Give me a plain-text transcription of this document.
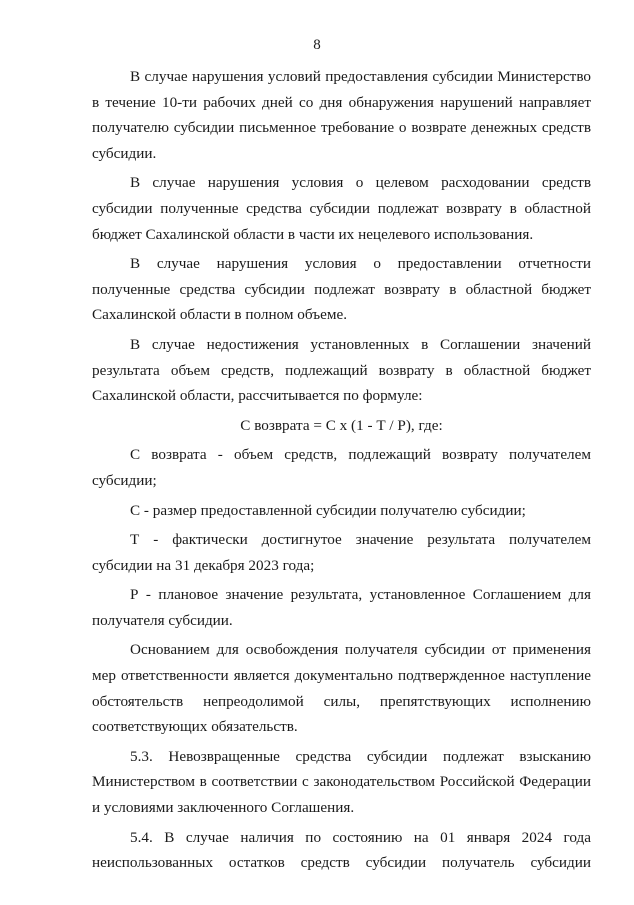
8

В случае нарушения условий предоставления субсидии Министерство в течение 10-ти рабочих дней со дня обнаружения нарушений направляет получателю субсидии письменное требование о возврате денежных средств субсидии.

В случае нарушения условия о целевом расходовании средств субсидии полученные средства субсидии подлежат возврату в областной бюджет Сахалинской области в части их нецелевого использования.

В случае нарушения условия о предоставлении отчетности полученные средства субсидии подлежат возврату в областной бюджет Сахалинской области в полном объеме.

В случае недостижения установленных в Соглашении значений результата объем средств, подлежащий возврату в областной бюджет Сахалинской области, рассчитывается по формуле:

С возврата = С х (1 - Т / Р), где:

С возврата - объем средств, подлежащий возврату получателем субсидии;

С - размер предоставленной субсидии получателю субсидии;

Т - фактически достигнутое значение результата получателем субсидии на 31 декабря 2023 года;

Р - плановое значение результата, установленное Соглашением для получателя субсидии.

Основанием для освобождения получателя субсидии от применения мер ответственности является документально подтвержденное наступление обстоятельств непреодолимой силы, препятствующих исполнению соответствующих обязательств.

5.3. Невозвращенные средства субсидии подлежат взысканию Министерством в соответствии с законодательством Российской Федерации и условиями заключенного Соглашения.

5.4. В случае наличия по состоянию на 01 января 2024 года неиспользованных остатков средств субсидии получатель субсидии
